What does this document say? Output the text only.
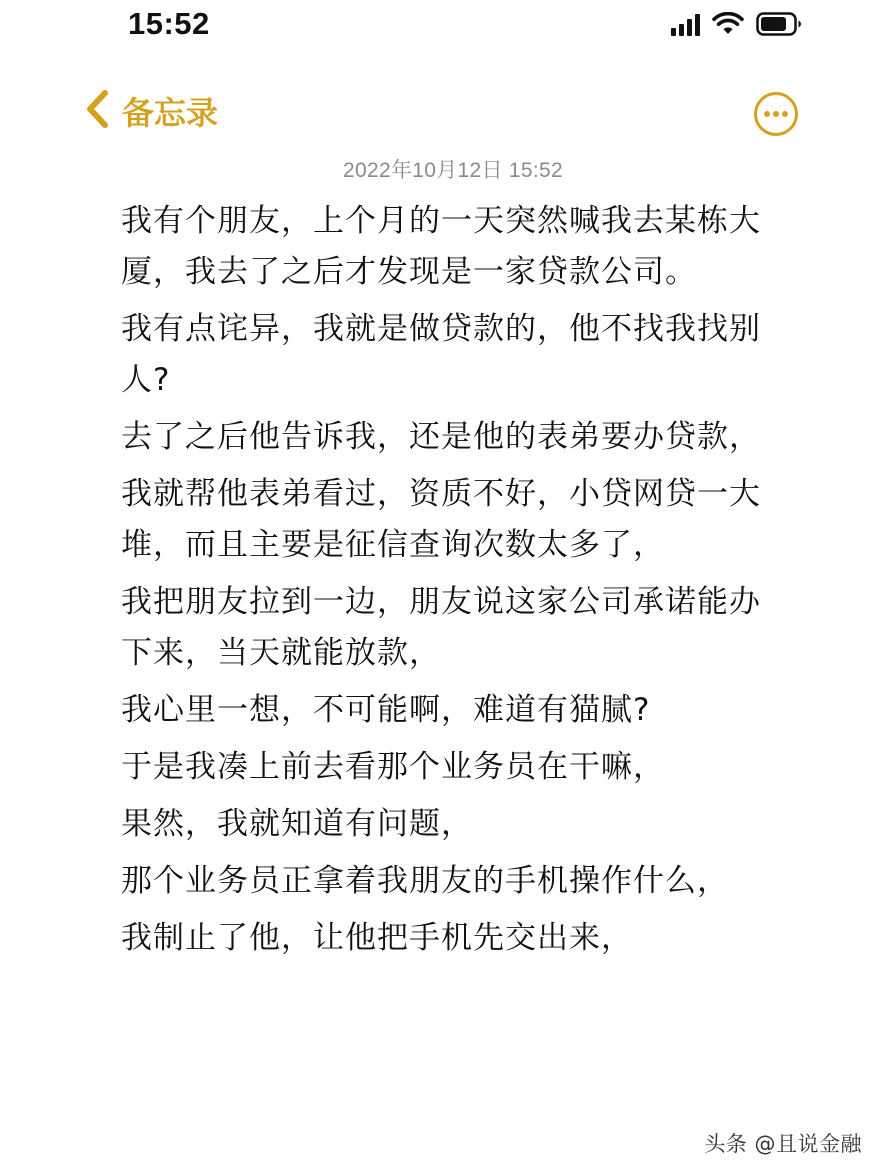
15:52
备忘录
2022年10月12日 15:52

我有个朋友，上个月的一天突然喊我去某栋大厦，我去了之后才发现是一家贷款公司。

我有点诧异，我就是做贷款的，他不找我找别人?

去了之后他告诉我，还是他的表弟要办贷款，

我就帮他表弟看过，资质不好，小贷网贷一大堆，而且主要是征信查询次数太多了，

我把朋友拉到一边，朋友说这家公司承诺能办下来，当天就能放款，

我心里一想，不可能啊，难道有猫腻?

于是我凑上前去看那个业务员在干嘛，

果然，我就知道有问题，

那个业务员正拿着我朋友的手机操作什么，

我制止了他，让他把手机先交出来，

头条 @且说金融
